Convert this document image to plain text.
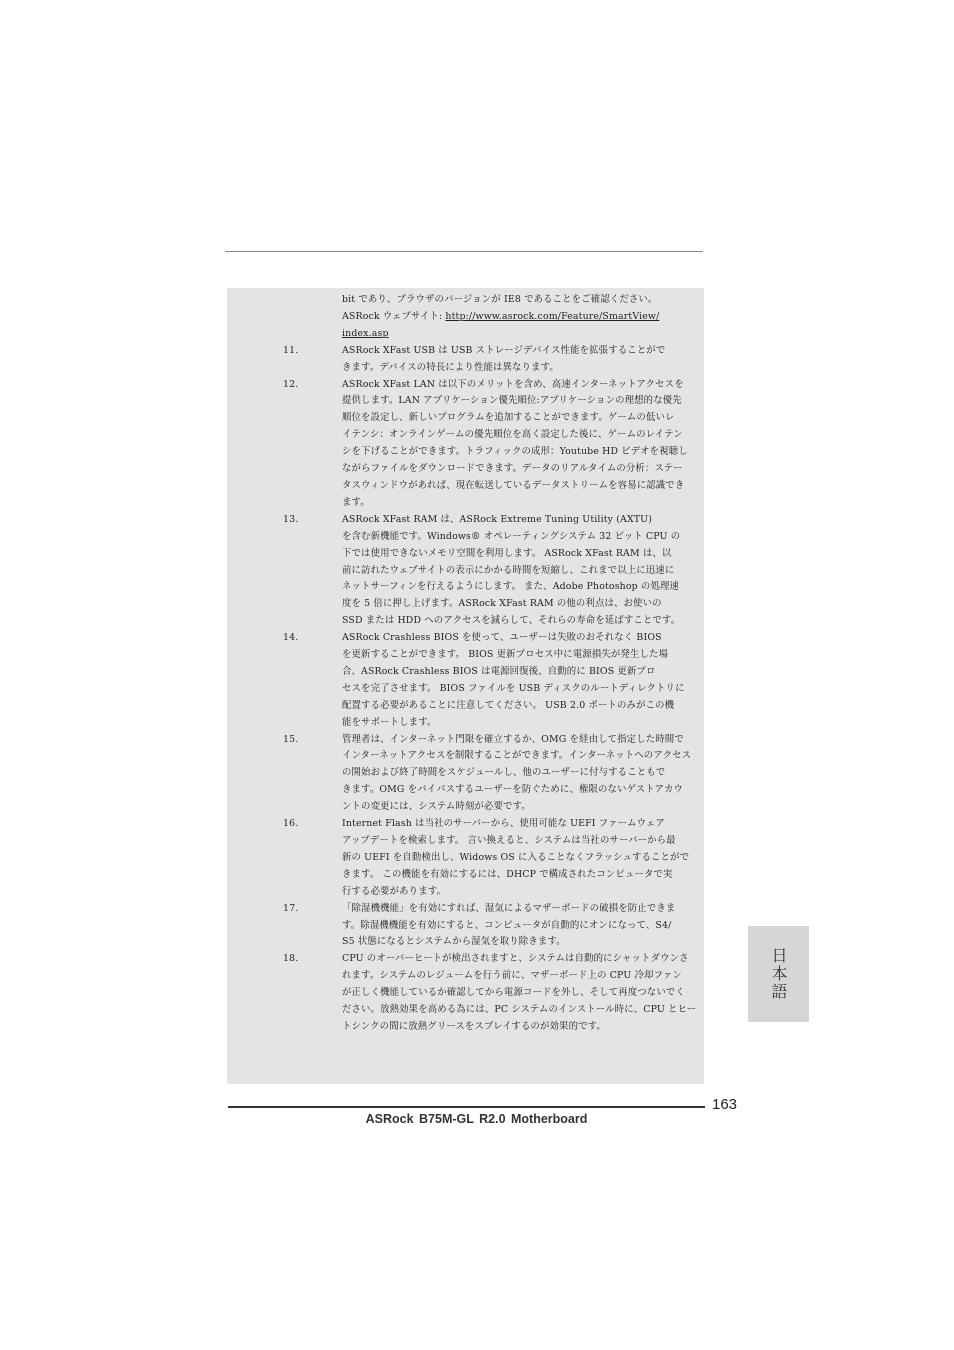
bit であり、ブラウザのバージョンが IE8 であることをご確認ください。
ASRock ウェブサイト: http://www.asrock.com/Feature/SmartView/
index.asp
11.	ASRock XFast USB は USB ストレージデバイス性能を拡張することがで
きます。デバイスの特長により性能は異なります。
12.	ASRock XFast LAN は以下のメリットを含め、高速インターネットアクセスを
提供します。LAN アプリケーション優先順位:アプリケーションの理想的な優先
順位を設定し、新しいプログラムを追加することができます。ゲームの低いレ
イテンシ：オンラインゲームの優先順位を高く設定した後に、ゲームのレイテン
シを下げることができます。トラフィックの成形：Youtube HD ビデオを視聴し
ながらファイルをダウンロードできます。データのリアルタイムの分析：ステー
タスウィンドウがあれば、現在転送しているデータストリームを容易に認識でき
ます。
13.	ASRock XFast RAM は、ASRock Extreme Tuning Utility (AXTU)
を含む新機能です。Windows® オペレーティングシステム 32 ビット CPU の
下では使用できないメモリ空間を利用します。 ASRock XFast RAM は、以
前に訪れたウェブサイトの表示にかかる時間を短縮し、これまで以上に迅速に
ネットサーフィンを行えるようにします。 また、Adobe Photoshop の処理速
度を 5 倍に押し上げます。ASRock XFast RAM の他の利点は、お使いの
SSD または HDD へのアクセスを減らして、それらの寿命を延ばすことです。
14.	ASRock Crashless BIOS を使って、ユーザーは失敗のおそれなく BIOS
を更新することができます。 BIOS 更新プロセス中に電源損失が発生した場
合、ASRock Crashless BIOS は電源回復後、自動的に BIOS 更新プロ
セスを完了させます。 BIOS ファイルを USB ディスクのルートディレクトリに
配置する必要があることに注意してください。 USB 2.0 ポートのみがこの機
能をサポートします。
15.	管理者は、インターネット門限を確立するか、OMG を経由して指定した時間で
インターネットアクセスを制限することができます。インターネットへのアクセス
の開始および終了時間をスケジュールし、他のユーザーに付与することもで
きます。OMG をバイパスするユーザーを防ぐために、権限のないゲストアカウ
ントの変更には、システム時刻が必要です。
16.	Internet Flash は当社のサーバーから、使用可能な UEFI ファームウェア
アップデートを検索します。 言い換えると、システムは当社のサーバーから最
新の UEFI を自動検出し、Widows OS に入ることなくフラッシュすることがで
きます。 この機能を有効にするには、DHCP で構成されたコンピュータで実
行する必要があります。
17.	「除湿機機能」を有効にすれば、湿気によるマザーボードの破損を防止できま
す。除湿機機能を有効にすると、コンピュータが自動的にオンになって、S4/
S5 状態になるとシステムから湿気を取り除きます。
18.	CPU のオーバーヒートが検出されますと、システムは自動的にシャットダウンさ
れます。システムのレジュームを行う前に、マザーボード上の CPU 冷却ファン
が正しく機能しているか確認してから電源コードを外し、そして再度つないでく
ださい。放熱効果を高める為には、PC システムのインストール時に、CPU とヒー
トシンクの間に放熱グリースをスプレイするのが効果的です。
日本語
163
ASRock B75M-GL R2.0 Motherboard
